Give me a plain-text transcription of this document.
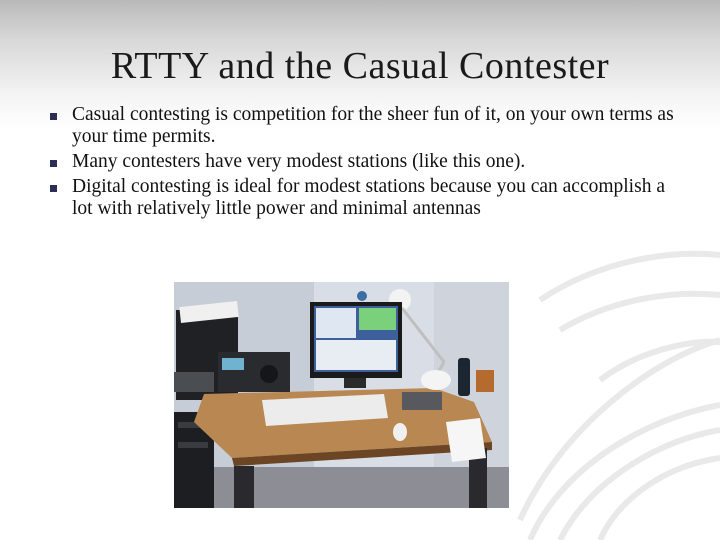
RTTY and the Casual Contester
Casual contesting is competition for the sheer fun of it, on your own terms as your time permits.
Many contesters have very modest stations (like this one).
Digital contesting is ideal for modest stations because you can accomplish a lot with relatively little power and minimal antennas
